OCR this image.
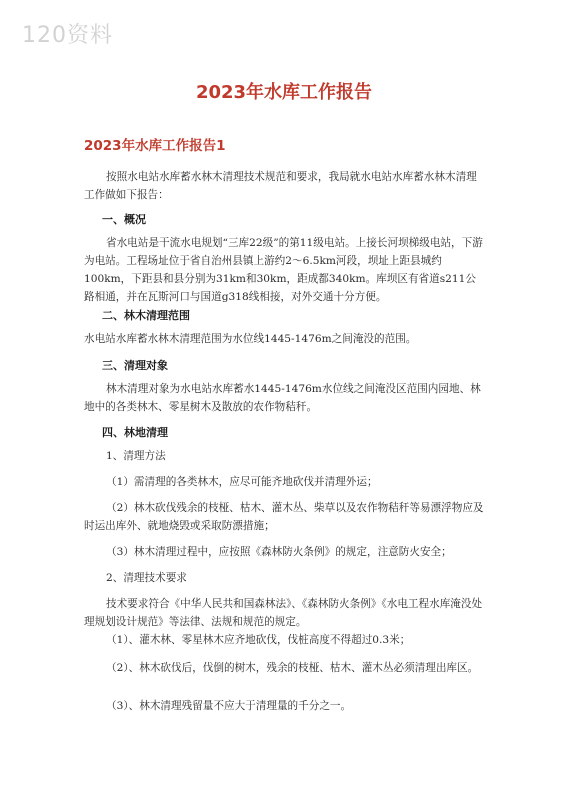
120资料
2023年水库工作报告
2023年水库工作报告1

按照水电站水库蓄水林木清理技术规范和要求，我局就水电站水库蓄水林木清理工作做如下报告：

一、概况

省水电站是干流水电规划“三库22级”的第11级电站。上接长河坝梯级电站，下游为电站。工程场址位于省自治州县镇上游约2～6.5km河段，坝址上距县城约100km，下距县和县分别为31km和30km，距成都340km。库坝区有省道s211公路相通，并在瓦斯河口与国道g318线相接，对外交通十分方便。

二、林木清理范围

水电站水库蓄水林木清理范围为水位线1445-1476m之间淹没的范围。

三、清理对象

林木清理对象为水电站水库蓄水1445-1476m水位线之间淹没区范围内园地、林地中的各类林木、零星树木及散放的农作物秸秆。

四、林地清理

1、清理方法

（1）需清理的各类林木，应尽可能齐地砍伐并清理外运；

（2）林木砍伐残余的枝桠、枯木、灌木丛、柴草以及农作物秸秆等易漂浮物应及时运出库外、就地烧毁或采取防漂措施；

（3）林木清理过程中，应按照《森林防火条例》的规定，注意防火安全；

2、清理技术要求

技术要求符合《中华人民共和国森林法》、《森林防火条例》《水电工程水库淹没处理规划设计规范》等法律、法规和规范的规定。

（1）、灌木林、零星林木应齐地砍伐，伐桩高度不得超过0.3米；

（2）、林木砍伐后，伐倒的树木，残余的枝桠、枯木、灌木丛必须清理出库区。

（3）、林木清理残留量不应大于清理量的千分之一。
